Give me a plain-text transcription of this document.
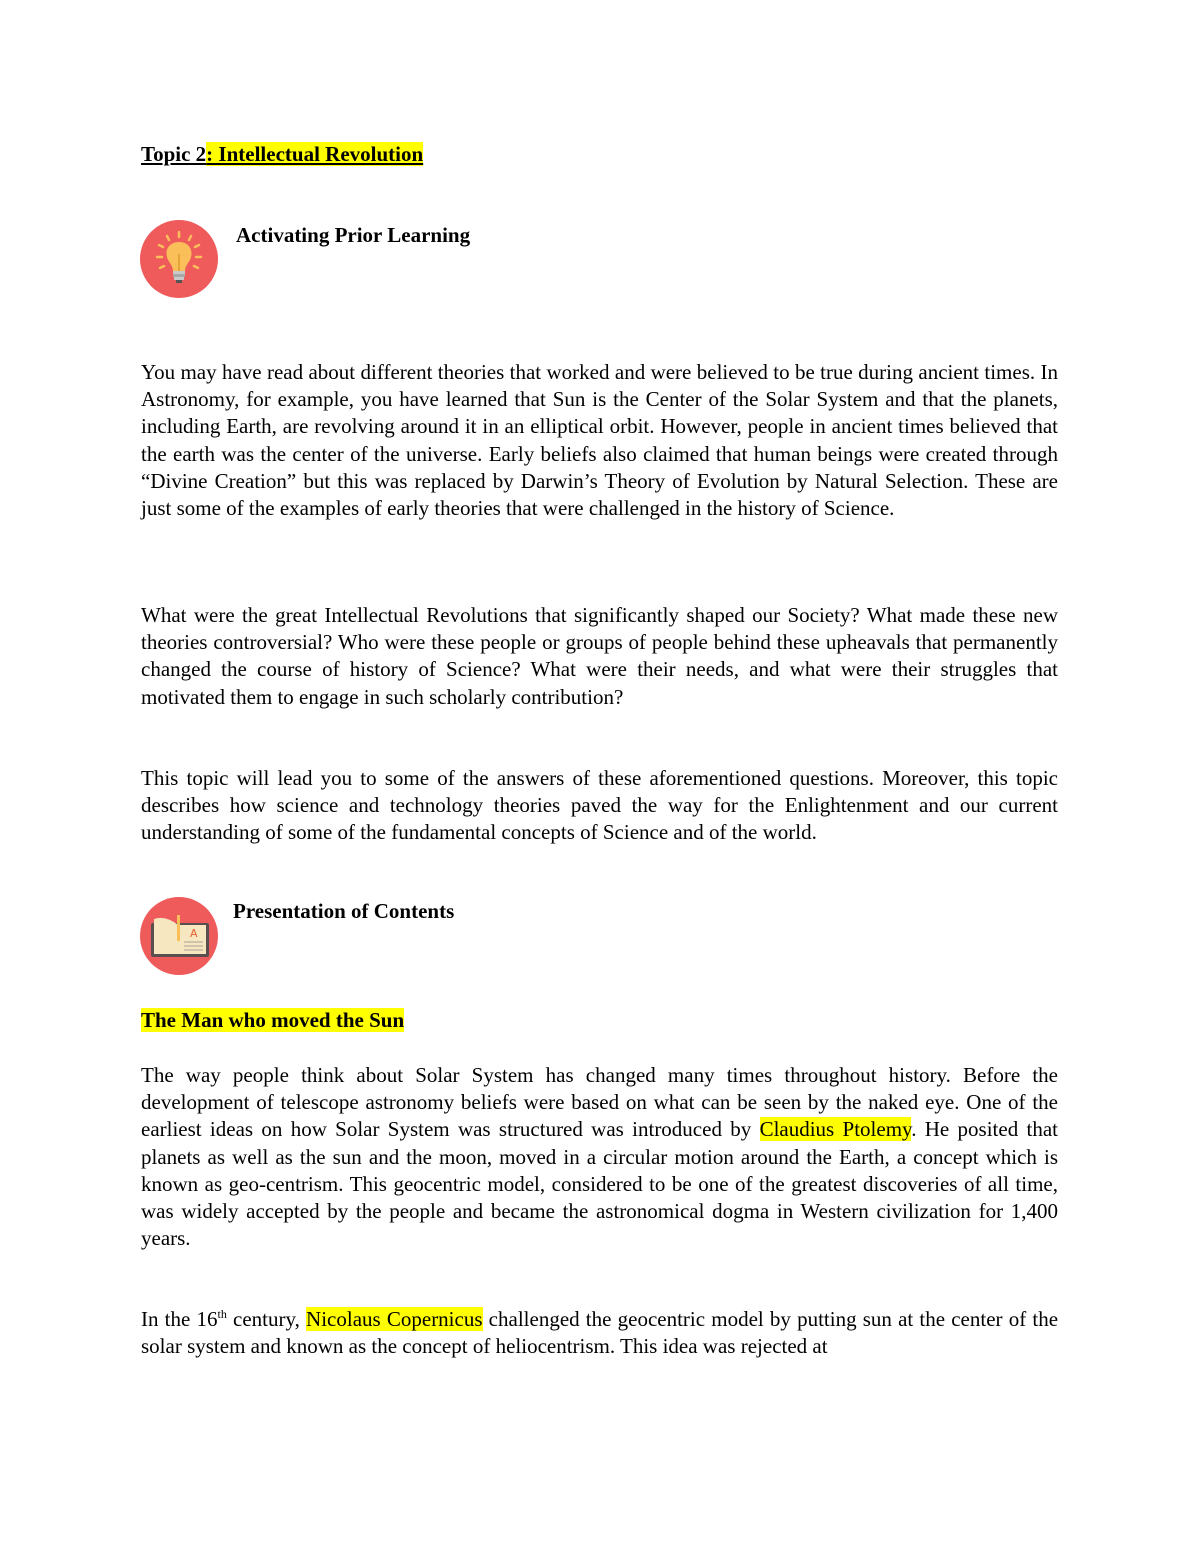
Topic 2: Intellectual Revolution
Activating Prior Learning

You may have read about different theories that worked and were believed to be true during ancient times. In Astronomy, for example, you have learned that Sun is the Center of the Solar System and that the planets, including Earth, are revolving around it in an elliptical orbit. However, people in ancient times believed that the earth was the center of the universe. Early beliefs also claimed that human beings were created through “Divine Creation” but this was replaced by Darwin’s Theory of Evolution by Natural Selection. These are just some of the examples of early theories that were challenged in the history of Science.

What were the great Intellectual Revolutions that significantly shaped our Society? What made these new theories controversial? Who were these people or groups of people behind these upheavals that permanently changed the course of history of Science? What were their needs, and what were their struggles that motivated them to engage in such scholarly contribution?

This topic will lead you to some of the answers of these aforementioned questions. Moreover, this topic describes how science and technology theories paved the way for the Enlightenment and our current understanding of some of the fundamental concepts of Science and of the world.

A
Presentation of Contents
The Man who moved the Sun

The way people think about Solar System has changed many times throughout history. Before the development of telescope astronomy beliefs were based on what can be seen by the naked eye. One of the earliest ideas on how Solar System was structured was introduced by Claudius Ptolemy. He posited that planets as well as the sun and the moon, moved in a circular motion around the Earth, a concept which is known as geo-centrism. This geocentric model, considered to be one of the greatest discoveries of all time, was widely accepted by the people and became the astronomical dogma in Western civilization for 1,400 years.

In the 16th century, Nicolaus Copernicus challenged the geocentric model by putting sun at the center of the solar system and known as the concept of heliocentrism. This idea was rejected at
